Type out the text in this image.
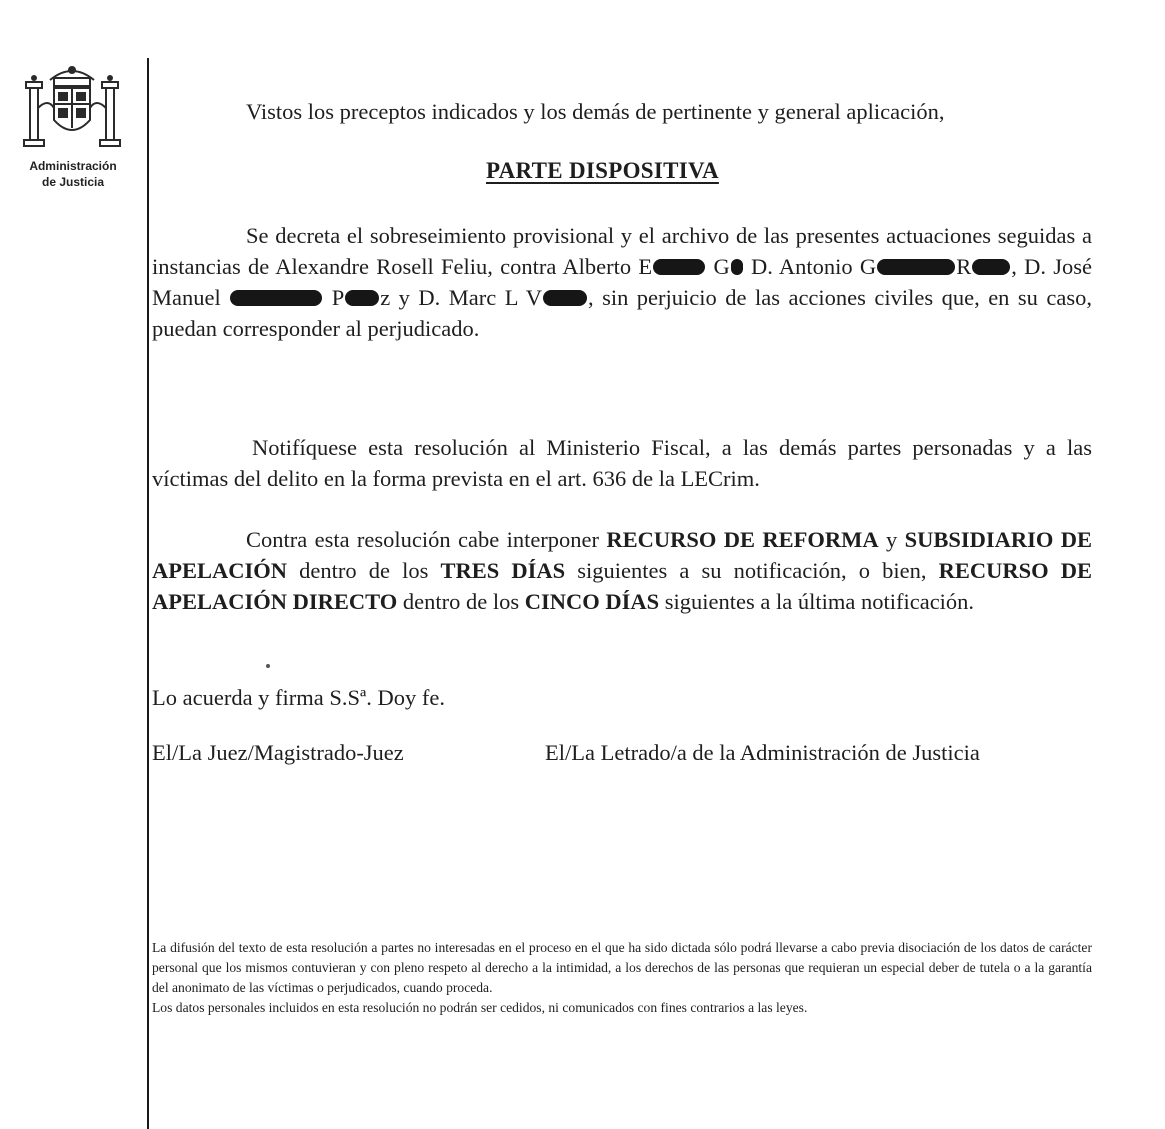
Administración
de Justicia
Vistos los preceptos indicados y los demás de pertinente y general aplicación,
PARTE DISPOSITIVA
Se decreta el sobreseimiento provisional y el archivo de las presentes actuaciones seguidas a instancias de Alexandre Rosell Feliu, contra Alberto E G D. Antonio G	R , D. José Manuel	P z y D. Marc L V , sin perjuicio de las acciones civiles que, en su caso, puedan corresponder al perjudicado.
Notifíquese esta resolución al Ministerio Fiscal, a las demás partes personadas y a las víctimas del delito en la forma prevista en el art. 636 de la LECrim.
Contra esta resolución cabe interponer RECURSO DE REFORMA y SUBSIDIARIO DE APELACIÓN dentro de los TRES DÍAS siguientes a su notificación, o bien, RECURSO DE APELACIÓN DIRECTO dentro de los CINCO DÍAS siguientes a la última notificación.
Lo acuerda y firma S.Sª. Doy fe.
El/La Juez/Magistrado-Juez	El/La Letrado/a de la Administración de Justicia

La difusión del texto de esta resolución a partes no interesadas en el proceso en el que ha sido dictada sólo podrá llevarse a cabo previa disociación de los datos de carácter personal que los mismos contuvieran y con pleno respeto al derecho a la intimidad, a los derechos de las personas que requieran un especial deber de tutela o a la garantía del anonimato de las víctimas o perjudicados, cuando proceda.

Los datos personales incluidos en esta resolución no podrán ser cedidos, ni comunicados con fines contrarios a las leyes.
